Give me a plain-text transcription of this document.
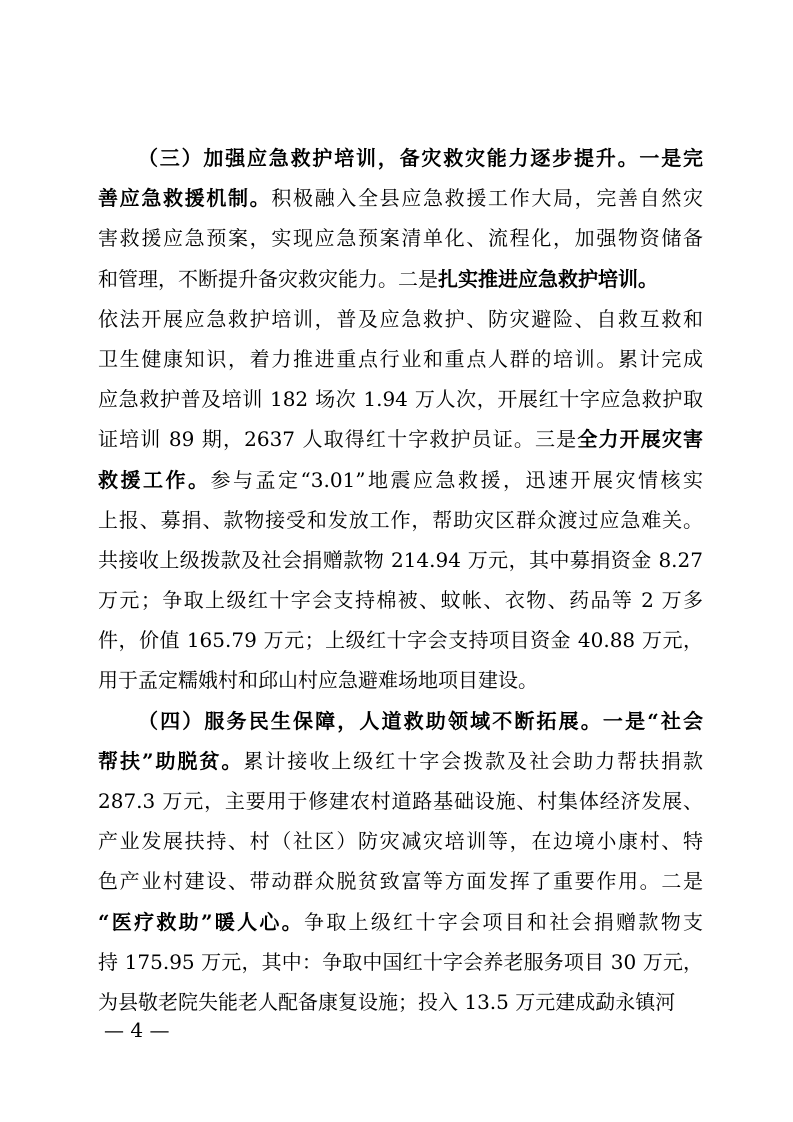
（三）加强应急救护培训，备灾救灾能力逐步提升。一是完
善应急救援机制。积极融入全县应急救援工作大局，完善自然灾
害救援应急预案，实现应急预案清单化、流程化，加强物资储备
和管理，不断提升备灾救灾能力。二是扎实推进应急救护培训。
依法开展应急救护培训，普及应急救护、防灾避险、自救互救和
卫生健康知识，着力推进重点行业和重点人群的培训。累计完成
应急救护普及培训 182 场次 1.94 万人次，开展红十字应急救护取
证培训 89 期，2637 人取得红十字救护员证。三是全力开展灾害
救援工作。参与孟定“3.01”地震应急救援，迅速开展灾情核实
上报、募捐、款物接受和发放工作，帮助灾区群众渡过应急难关。
共接收上级拨款及社会捐赠款物 214.94 万元，其中募捐资金 8.27
万元；争取上级红十字会支持棉被、蚊帐、衣物、药品等 2 万多
件，价值 165.79 万元；上级红十字会支持项目资金 40.88 万元，
用于孟定糯娥村和邱山村应急避难场地项目建设。
（四）服务民生保障，人道救助领域不断拓展。一是“社会
帮扶”助脱贫。累计接收上级红十字会拨款及社会助力帮扶捐款
287.3 万元，主要用于修建农村道路基础设施、村集体经济发展、
产业发展扶持、村（社区）防灾减灾培训等，在边境小康村、特
色产业村建设、带动群众脱贫致富等方面发挥了重要作用。二是
“医疗救助”暖人心。争取上级红十字会项目和社会捐赠款物支
持 175.95 万元，其中：争取中国红十字会养老服务项目 30 万元，
为县敬老院失能老人配备康复设施；投入 13.5 万元建成勐永镇河
— 4 —
